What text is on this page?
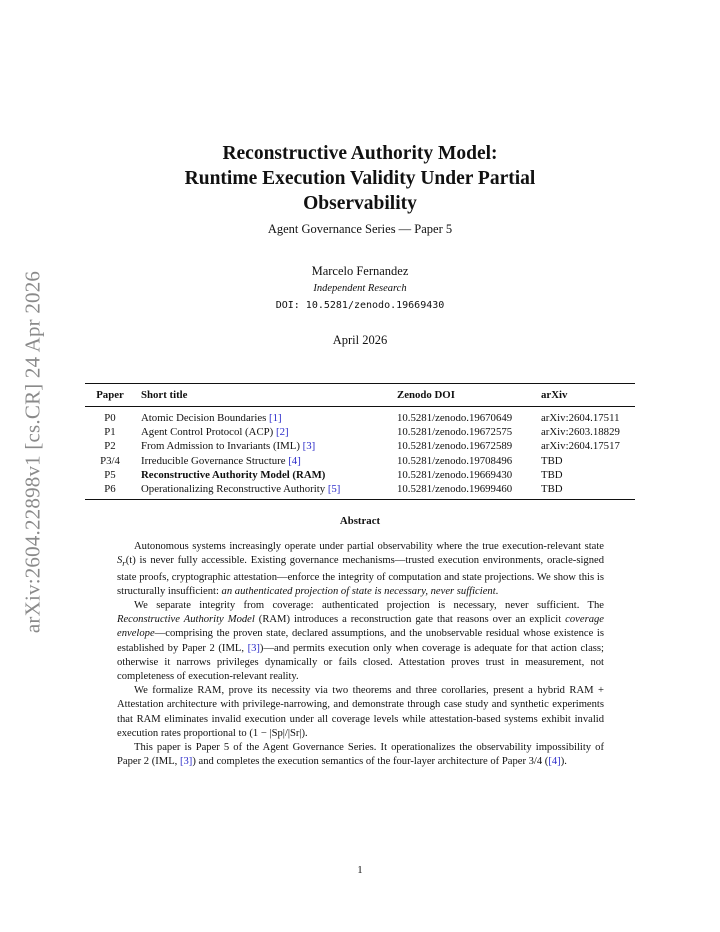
arXiv:2604.22898v1 [cs.CR] 24 Apr 2026
Reconstructive Authority Model:
Runtime Execution Validity Under Partial
Observability
Agent Governance Series — Paper 5
Marcelo Fernandez
Independent Research
DOI: 10.5281/zenodo.19669430
April 2026
Paper	Short title	Zenodo DOI	arXiv
P0	Atomic Decision Boundaries [1]	10.5281/zenodo.19670649	arXiv:2604.17511
P1	Agent Control Protocol (ACP) [2]	10.5281/zenodo.19672575	arXiv:2603.18829
P2	From Admission to Invariants (IML) [3]	10.5281/zenodo.19672589	arXiv:2604.17517
P3/4	Irreducible Governance Structure [4]	10.5281/zenodo.19708496	TBD
P5	Reconstructive Authority Model (RAM)	10.5281/zenodo.19669430	TBD
P6	Operationalizing Reconstructive Authority [5]	10.5281/zenodo.19699460	TBD
Abstract

Autonomous systems increasingly operate under partial observability where the true execution-relevant state $S_r(t)$ is never fully accessible. Existing governance mechanisms—trusted execution environments, oracle-signed state proofs, cryptographic attestation—enforce the integrity of computation and state projections. We show this is structurally insufficient: an authenticated projection of state is necessary, never sufficient.

We separate integrity from coverage: authenticated projection is necessary, never sufficient. The Reconstructive Authority Model (RAM) introduces a reconstruction gate that reasons over an explicit coverage envelope—comprising the proven state, declared assumptions, and the unobservable residual whose existence is established by Paper 2 (IML, [3])—and permits execution only when coverage is adequate for that action class; otherwise it narrows privileges dynamically or fails closed. Attestation proves trust in measurement, not completeness of execution-relevant reality.

We formalize RAM, prove its necessity via two theorems and three corollaries, present a hybrid RAM + Attestation architecture with privilege-narrowing, and demonstrate through case study and synthetic experiments that RAM eliminates invalid execution under all coverage levels while attestation-based systems exhibit invalid execution rates proportional to (1 − |Sp|/|Sr|).

This paper is Paper 5 of the Agent Governance Series. It operationalizes the observability impossibility of Paper 2 (IML, [3]) and completes the execution semantics of the four-layer architecture of Paper 3/4 ([4]).

1
